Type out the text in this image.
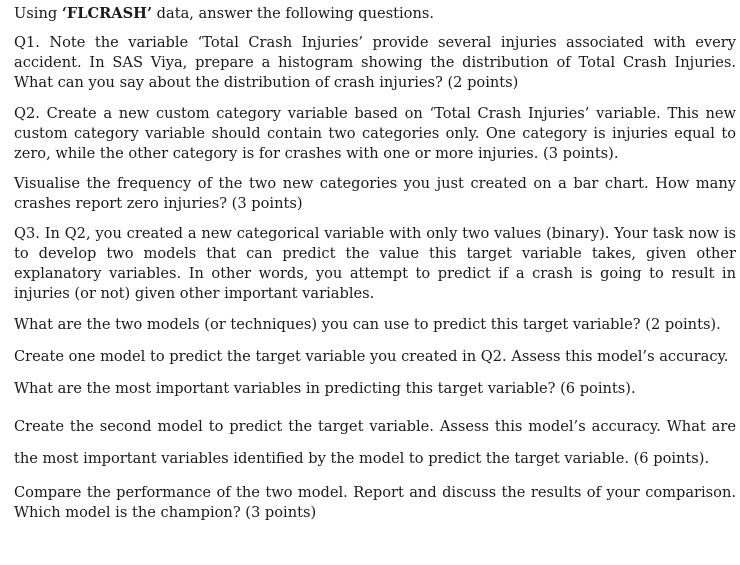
Using ‘FLCRASH’ data, answer the following questions.

Q1. Note the variable ‘Total Crash Injuries’ provide several injuries associated with every accident. In SAS Viya, prepare a histogram showing the distribution of Total Crash Injuries. What can you say about the distribution of crash injuries? (2 points)

Q2. Create a new custom category variable based on ‘Total Crash Injuries’ variable. This new custom category variable should contain two categories only. One category is injuries equal to zero, while the other category is for crashes with one or more injuries. (3 points).

Visualise the frequency of the two new categories you just created on a bar chart. How many crashes report zero injuries? (3 points)

Q3. In Q2, you created a new categorical variable with only two values (binary). Your task now is to develop two models that can predict the value this target variable takes, given other explanatory variables. In other words, you attempt to predict if a crash is going to result in injuries (or not) given other important variables.

What are the two models (or techniques) you can use to predict this target variable? (2 points).

Create one model to predict the target variable you created in Q2. Assess this model’s accuracy.

What are the most important variables in predicting this target variable? (6 points).

Create the second model to predict the target variable. Assess this model’s accuracy. What are the most important variables identified by the model to predict the target variable. (6 points).

Compare the performance of the two model. Report and discuss the results of your comparison. Which model is the champion? (3 points)
